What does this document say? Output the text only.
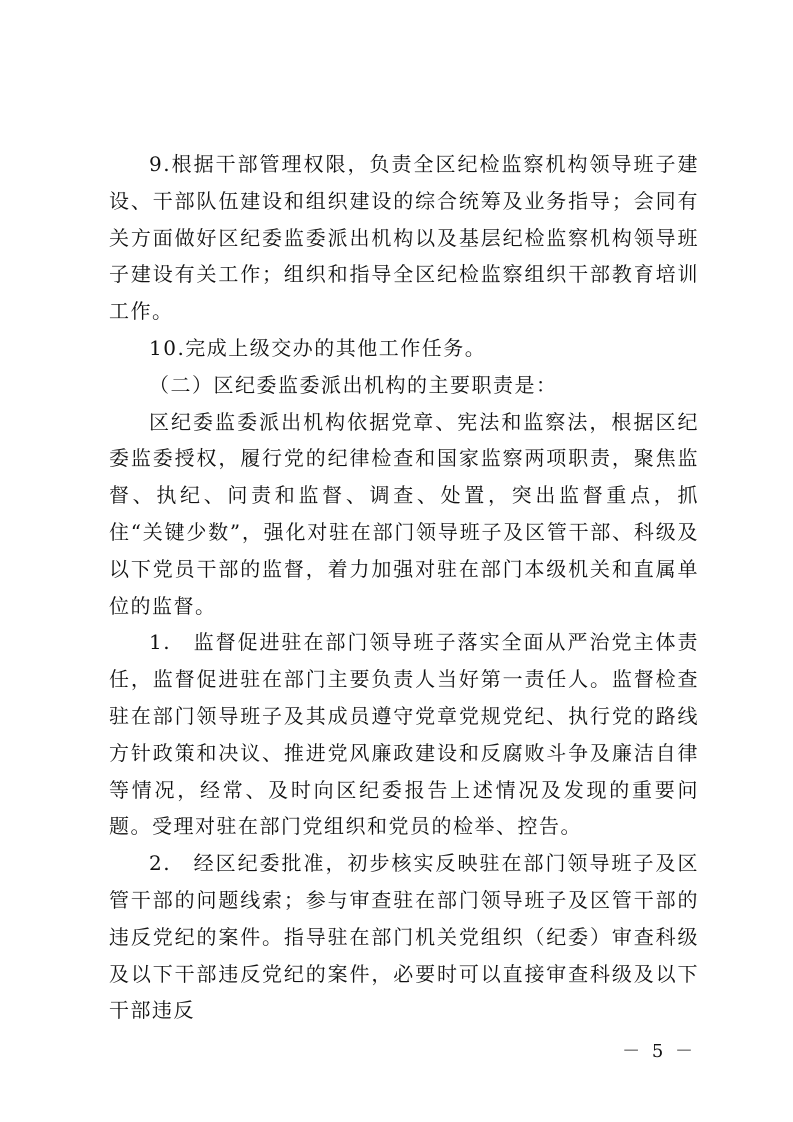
9.根据干部管理权限，负责全区纪检监察机构领导班子建设、干部队伍建设和组织建设的综合统筹及业务指导；会同有关方面做好区纪委监委派出机构以及基层纪检监察机构领导班子建设有关工作；组织和指导全区纪检监察组织干部教育培训工作。

10.完成上级交办的其他工作任务。

（二）区纪委监委派出机构的主要职责是：

区纪委监委派出机构依据党章、宪法和监察法，根据区纪委监委授权，履行党的纪律检查和国家监察两项职责，聚焦监督、执纪、问责和监督、调查、处置，突出监督重点，抓住“关键少数”，强化对驻在部门领导班子及区管干部、科级及以下党员干部的监督，着力加强对驻在部门本级机关和直属单位的监督。

1.　监督促进驻在部门领导班子落实全面从严治党主体责任，监督促进驻在部门主要负责人当好第一责任人。监督检查驻在部门领导班子及其成员遵守党章党规党纪、执行党的路线方针政策和决议、推进党风廉政建设和反腐败斗争及廉洁自律等情况，经常、及时向区纪委报告上述情况及发现的重要问题。受理对驻在部门党组织和党员的检举、控告。

2.　经区纪委批准，初步核实反映驻在部门领导班子及区管干部的问题线索；参与审查驻在部门领导班子及区管干部的违反党纪的案件。指导驻在部门机关党组织（纪委）审查科级及以下干部违反党纪的案件，必要时可以直接审查科级及以下干部违反

－ 5 －
